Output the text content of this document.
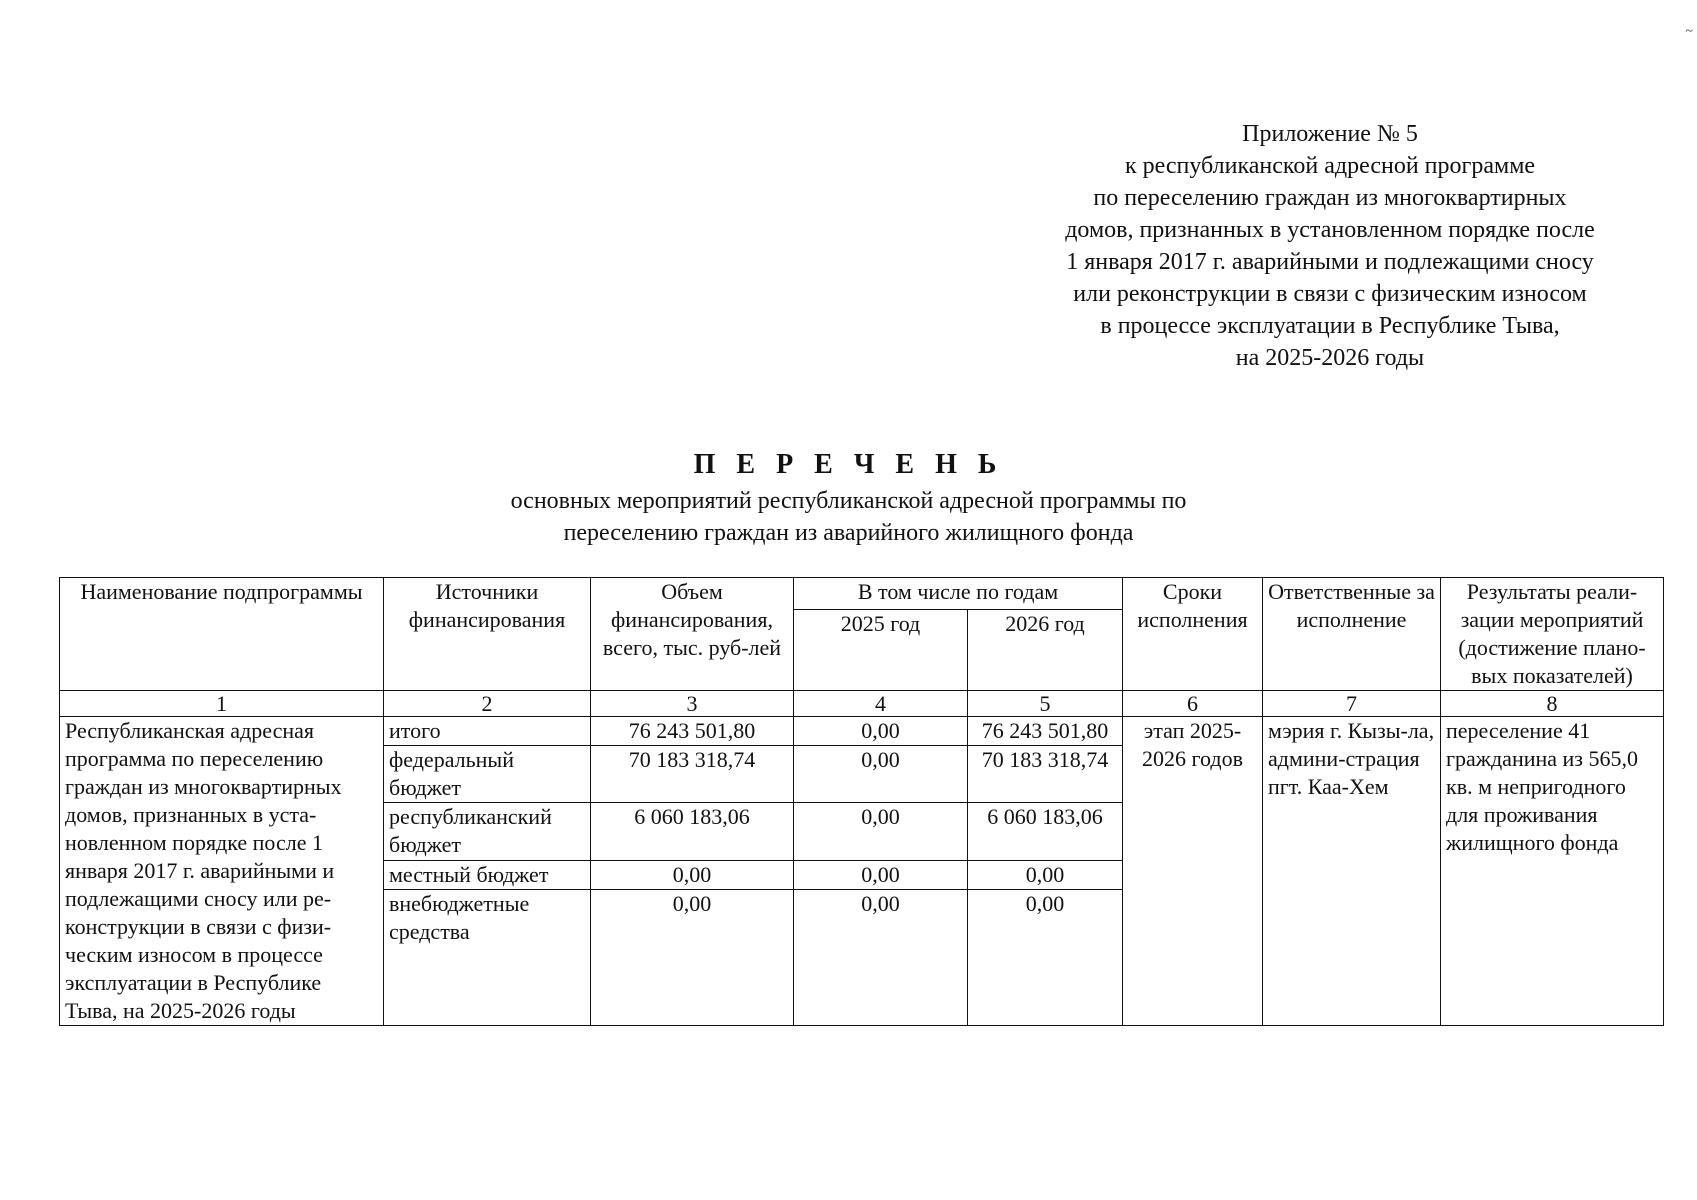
~
Приложение № 5
к республиканской адресной программе
по переселению граждан из многоквартирных
домов, признанных в установленном порядке после
1 января 2017 г. аварийными и подлежащими сносу
или реконструкции в связи с физическим износом
в процессе эксплуатации в Республике Тыва,
на 2025-2026 годы
П Е Р Е Ч Е Н Ь
основных мероприятий республиканской адресной программы по
переселению граждан из аварийного жилищного фонда
Наименование подпрограммы	Источники финансирования	Объем финансирования, всего, тыс. руб-лей	В том числе по годам		Сроки исполнения	Ответственные за исполнение	Результаты реали-зации мероприятий (достижение плано-вых показателей)
			2025 год	2026 год			
1	2	3	4	5	6	7	8
Республиканская адресная программа по переселению граждан из многоквартирных домов, признанных в уста-новленном порядке после 1 января 2017 г. аварийными и подлежащими сносу или ре-конструкции в связи с физи-ческим износом в процессе эксплуатации в Республике Тыва, на 2025-2026 годы	итого	76 243 501,80	0,00	76 243 501,80	этап 2025-2026 годов	мэрия г. Кызы-ла, админи-страция пгт. Каа-Хем	переселение 41 гражданина из 565,0 кв. м непригодного для проживания жилищного фонда
	федеральный бюджет	70 183 318,74	0,00	70 183 318,74			
	республиканский бюджет	6 060 183,06	0,00	6 060 183,06			
	местный бюджет	0,00	0,00	0,00			
	внебюджетные средства	0,00	0,00	0,00			
